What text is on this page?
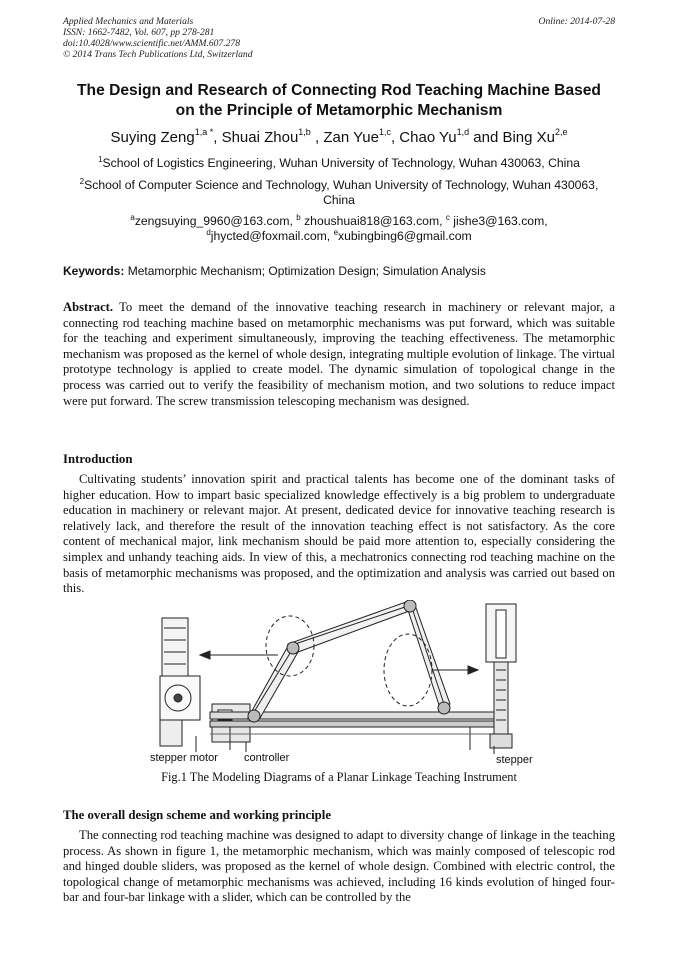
Applied Mechanics and Materials
ISSN: 1662-7482, Vol. 607, pp 278-281
doi:10.4028/www.scientific.net/AMM.607.278
© 2014 Trans Tech Publications Ltd, Switzerland
Online: 2014-07-28
The Design and Research of Connecting Rod Teaching Machine Based
on the Principle of Metamorphic Mechanism
Suying Zeng$^{1,a *}$, Shuai Zhou$^{1,b}$ , Zan Yue$^{1,c}$, Chao Yu$^{1,d}$ and Bing Xu$^{2,e}$
$^1$School of Logistics Engineering, Wuhan University of Technology, Wuhan 430063, China
$^2$School of Computer Science and Technology, Wuhan University of Technology, Wuhan 430063,
China
$^a$zengsuying_9960@163.com, $^b$ zhoushuai818@163.com, $^c$ jishe3@163.com,
$^d$jhycted@foxmail.com, $^e$xubingbing6@gmail.com
Keywords: Metamorphic Mechanism; Optimization Design; Simulation Analysis
Abstract. To meet the demand of the innovative teaching research in machinery or relevant major, a connecting rod teaching machine based on metamorphic mechanisms was put forward, which was suitable for the teaching and experiment simultaneously, improving the teaching effectiveness. The metamorphic mechanism was proposed as the kernel of whole design, integrating multiple evolution of linkage. The virtual prototype technology is applied to create model. The dynamic simulation of topological change in the process was carried out to verify the feasibility of mechanism motion, and two solutions to reduce impact were put forward. The screw transmission telescoping mechanism was designed.
Introduction
Cultivating students’ innovation spirit and practical talents has become one of the dominant tasks of higher education. How to impart basic specialized knowledge effectively is a big problem to undergraduate education in machinery or relevant major. At present, dedicated device for innovative teaching research is relatively lack, and therefore the result of the innovation teaching effect is not satisfactory. As the core content of mechanical major, link mechanism should be paid more attention to, especially considering the simplex and unhandy teaching aids. In view of this, a mechatronics connecting rod teaching machine on the basis of metamorphic mechanisms was proposed, and the optimization and analysis was carried out based on this.
stepper motor controller	stepper
Fig.1 The Modeling Diagrams of a Planar Linkage Teaching Instrument
The overall design scheme and working principle
The connecting rod teaching machine was designed to adapt to diversity change of linkage in the teaching process. As shown in figure 1, the metamorphic mechanism, which was mainly composed of telescopic rod and hinged double sliders, was proposed as the kernel of whole design. Combined with electric control, the topological change of metamorphic mechanisms was achieved, including 16 kinds evolution of hinged four-bar and four-bar linkage with a slider, which can be controlled by the
